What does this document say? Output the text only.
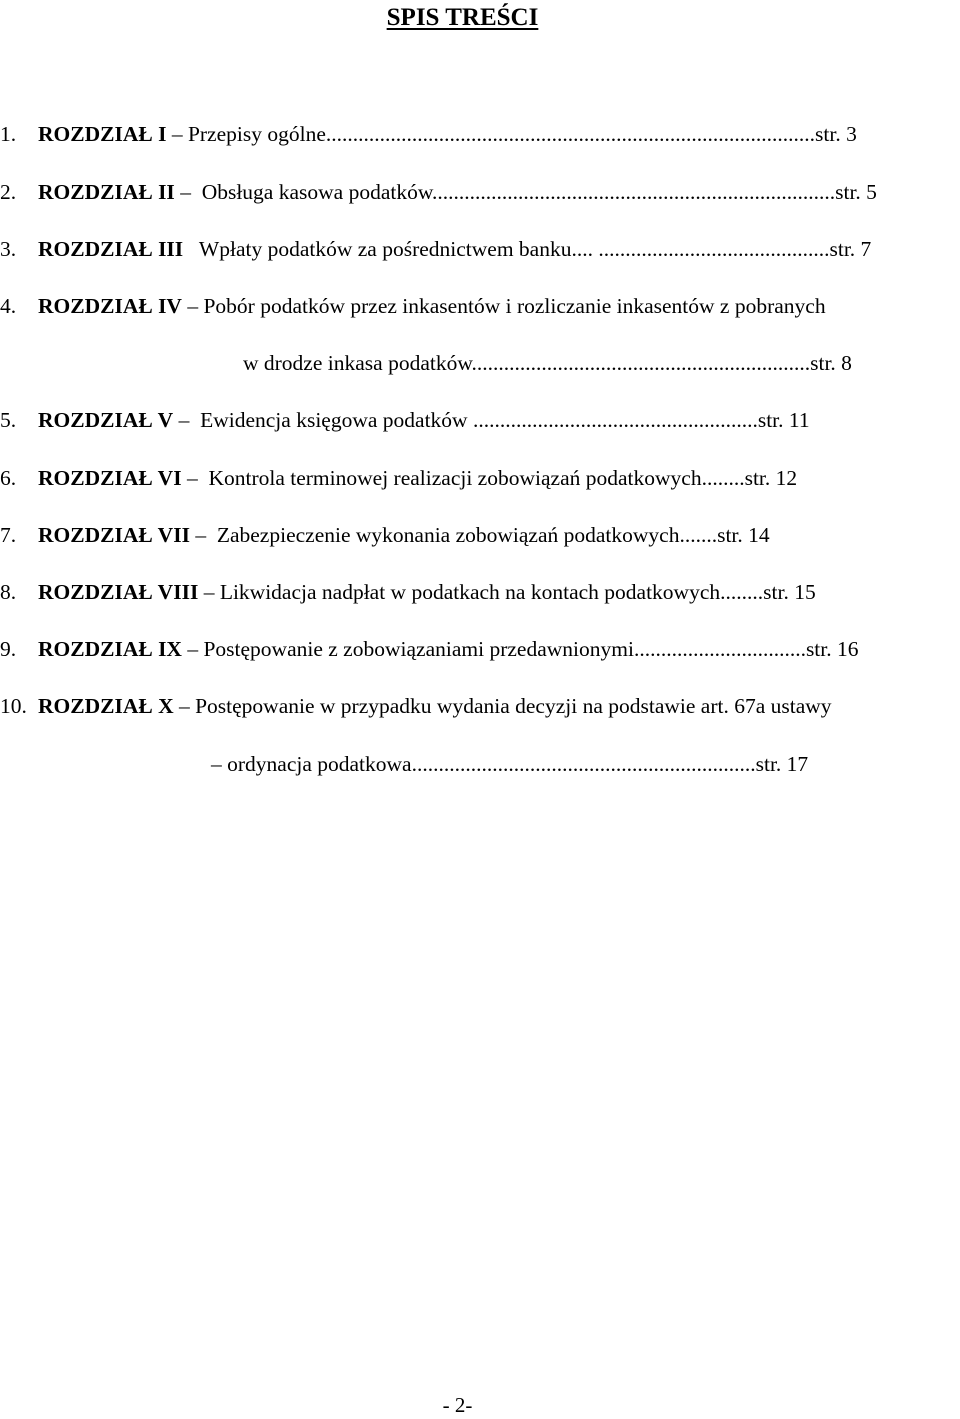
SPIS TREŚCI
1. ROZDZIAŁ I – Przepisy ogólne...........................................................................................str. 3
2. ROZDZIAŁ II – Obsługa kasowa podatków...........................................................................str. 5
3. ROZDZIAŁ III Wpłaty podatków za pośrednictwem banku.... ...........................................str. 7
4. ROZDZIAŁ IV – Pobór podatków przez inkasentów i rozliczanie inkasentów z pobranych
w drodze inkasa podatków...............................................................str. 8
5. ROZDZIAŁ V – Ewidencja księgowa podatków .....................................................str. 11
6. ROZDZIAŁ VI – Kontrola terminowej realizacji zobowiązań podatkowych........str. 12
7. ROZDZIAŁ VII – Zabezpieczenie wykonania zobowiązań podatkowych.......str. 14
8. ROZDZIAŁ VIII – Likwidacja nadpłat w podatkach na kontach podatkowych........str. 15
9. ROZDZIAŁ IX – Postępowanie z zobowiązaniami przedawnionymi................................str. 16
10. ROZDZIAŁ X – Postępowanie w przypadku wydania decyzji na podstawie art. 67a ustawy
– ordynacja podatkowa................................................................str. 17
- 2-
